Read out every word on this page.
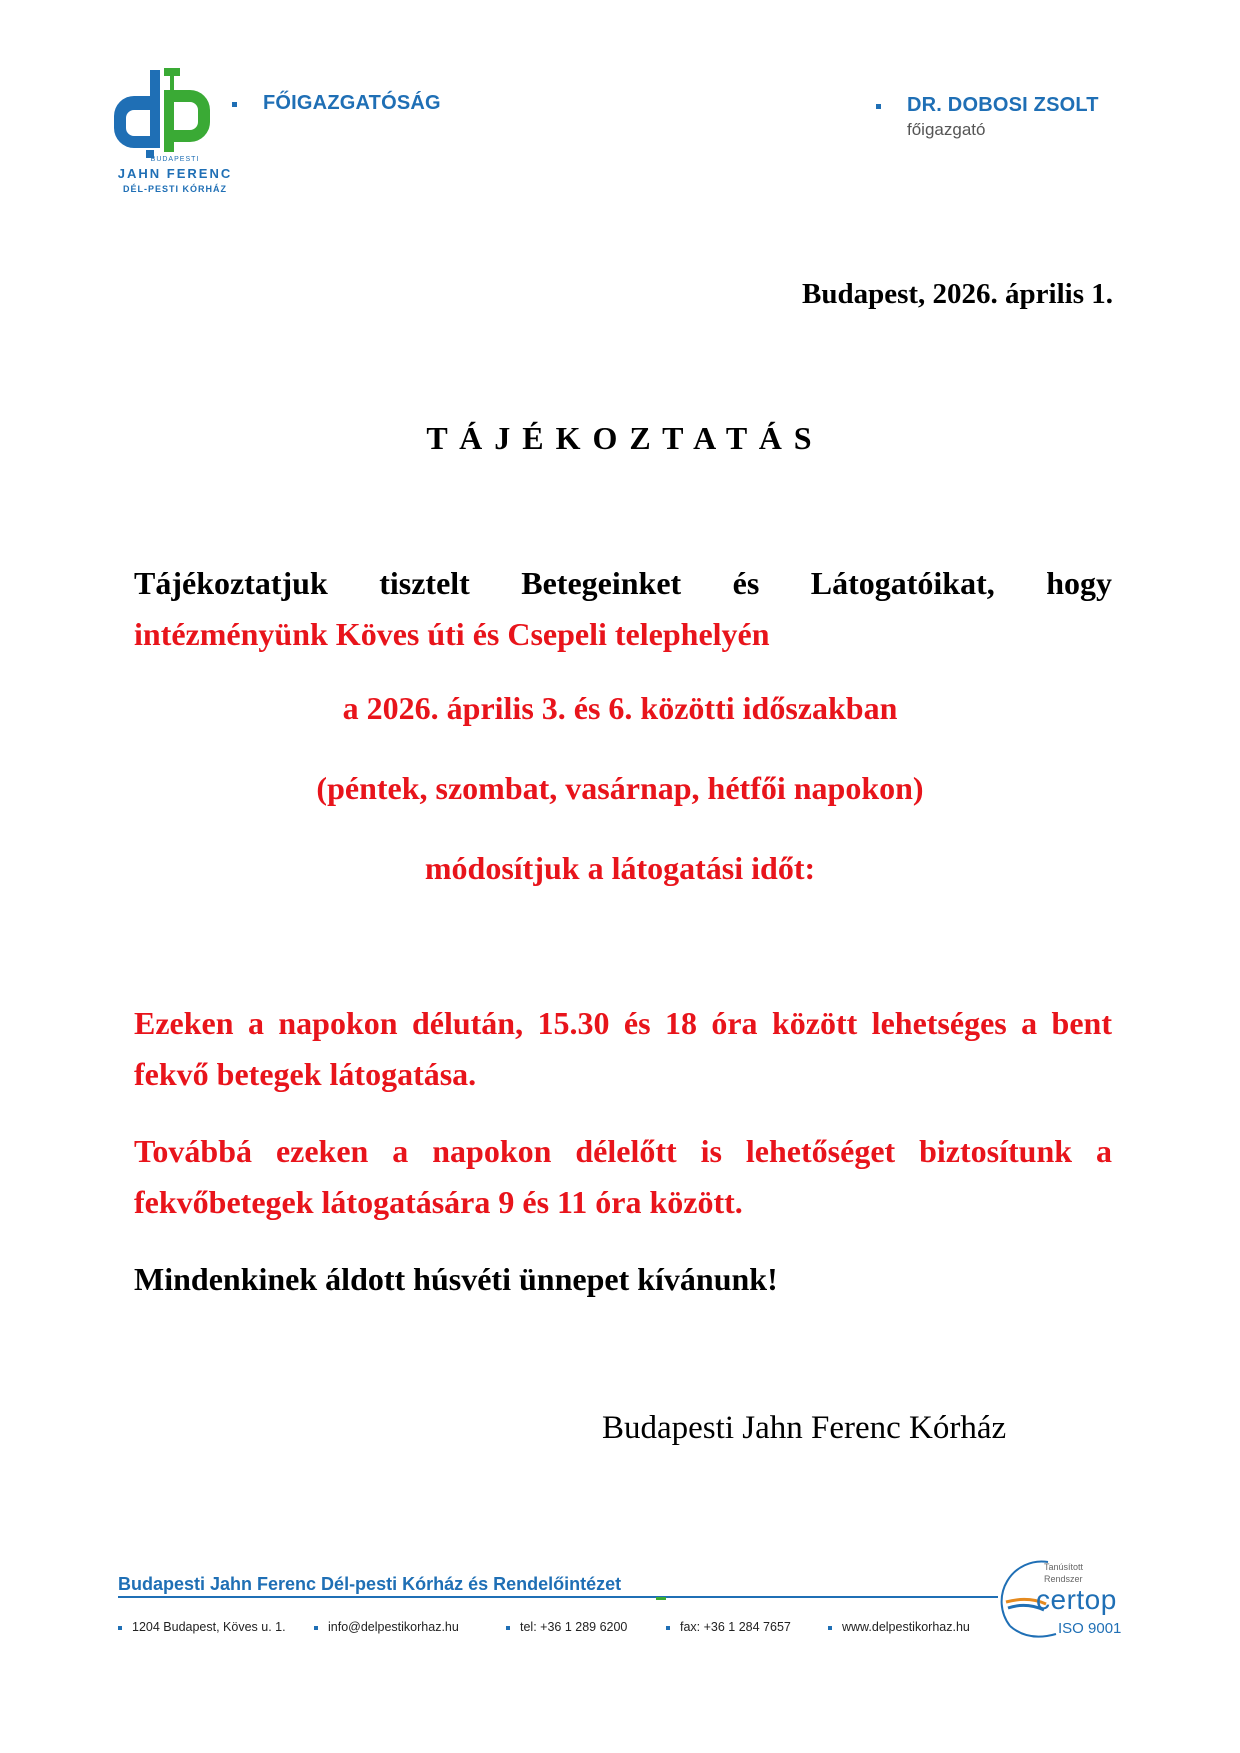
BUDAPESTI
JAHN FERENC
DÉL-PESTI KÓRHÁZ
FŐIGAZGATÓSÁG	DR. DOBOSI ZSOLT
főigazgató
Budapest, 2026. április 1.
T Á J É K O Z T A T Á S
Tájékoztatjuk tisztelt Betegeinket és Látogatóikat, hogy
intézményünk Köves úti és Csepeli telephelyén
a 2026. április 3. és 6. közötti időszakban
(péntek, szombat, vasárnap, hétfői napokon)
módosítjuk a látogatási időt:
Ezeken a napokon délután, 15.30 és 18 óra között lehetséges a bent fekvő betegek látogatása.
Továbbá ezeken a napokon délelőtt is lehetőséget biztosítunk a fekvőbetegek látogatására 9 és 11 óra között.
Mindenkinek áldott húsvéti ünnepet kívánunk!
Budapesti Jahn Ferenc Kórház
Budapesti Jahn Ferenc Dél-pesti Kórház és Rendelőintézet
1204 Budapest, Köves u. 1.	info@delpestikorhaz.hu	tel: +36 1 289 6200	fax: +36 1 284 7657	www.delpestikorhaz.hu
Tanúsított
Rendszer
certop
ISO 9001
